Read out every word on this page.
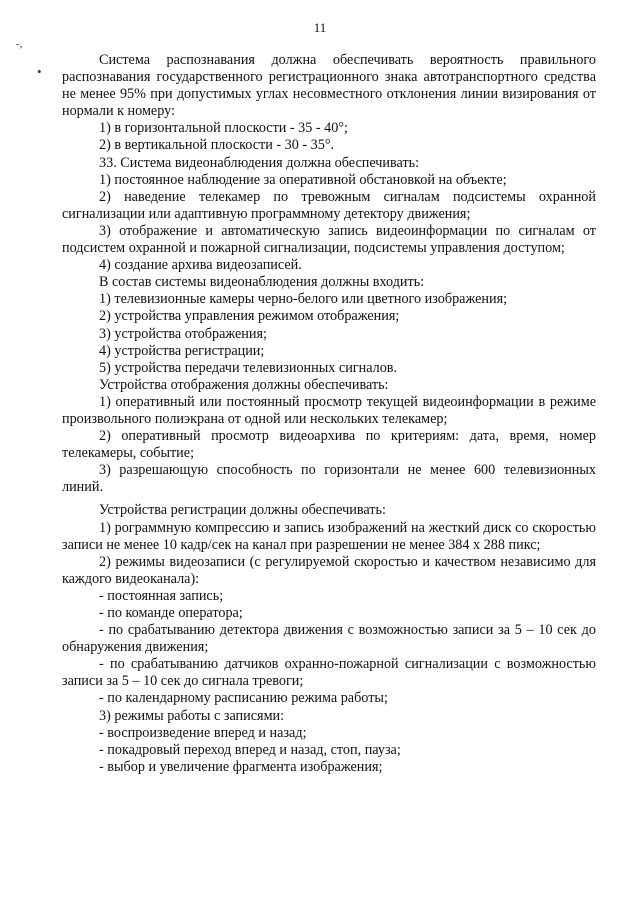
11
-,
•

Система распознавания должна обеспечивать вероятность правильного распознавания государственного регистрационного знака автотранспортного средства не менее 95% при допустимых углах несовместного отклонения линии визирования от нормали к номеру:

1) в горизонтальной плоскости - 35 - 40°;

2) в вертикальной плоскости - 30 - 35°.

33. Система видеонаблюдения должна обеспечивать:

1) постоянное наблюдение за оперативной обстановкой на объекте;

2) наведение телекамер по тревожным сигналам подсистемы охранной сигнализации или адаптивную программному детектору движения;

3) отображение и автоматическую запись видеоинформации по сигналам от подсистем охранной и пожарной сигнализации, подсистемы управления доступом;

4) создание архива видеозаписей.

В состав системы видеонаблюдения должны входить:

1) телевизионные камеры черно-белого или цветного изображения;

2) устройства управления режимом отображения;

3) устройства отображения;

4) устройства регистрации;

5) устройства передачи телевизионных сигналов.

Устройства отображения должны обеспечивать:

1) оперативный или постоянный просмотр текущей видеоинформации в режиме произвольного полиэкрана от одной или нескольких телекамер;

2) оперативный просмотр видеоархива по критериям: дата, время, номер телекамеры, событие;

3) разрешающую способность по горизонтали не менее 600 телевизионных линий.

Устройства регистрации должны обеспечивать:

1) рограммную компрессию и запись изображений на жесткий диск со скоростью записи не менее 10 кадр/сек на канал при разрешении не менее 384 x 288 пикс;

2) режимы видеозаписи (с регулируемой скоростью и качеством независимо для каждого видеоканала):

- постоянная запись;

- по команде оператора;

- по срабатыванию детектора движения с возможностью записи за 5 – 10 сек до обнаружения движения;

- по срабатыванию датчиков охранно-пожарной сигнализации с возможностью записи за 5 – 10 сек до сигнала тревоги;

- по календарному расписанию режима работы;

3) режимы работы с записями:

- воспроизведение вперед и назад;

- покадровый переход вперед и назад, стоп, пауза;

- выбор и увеличение фрагмента изображения;
